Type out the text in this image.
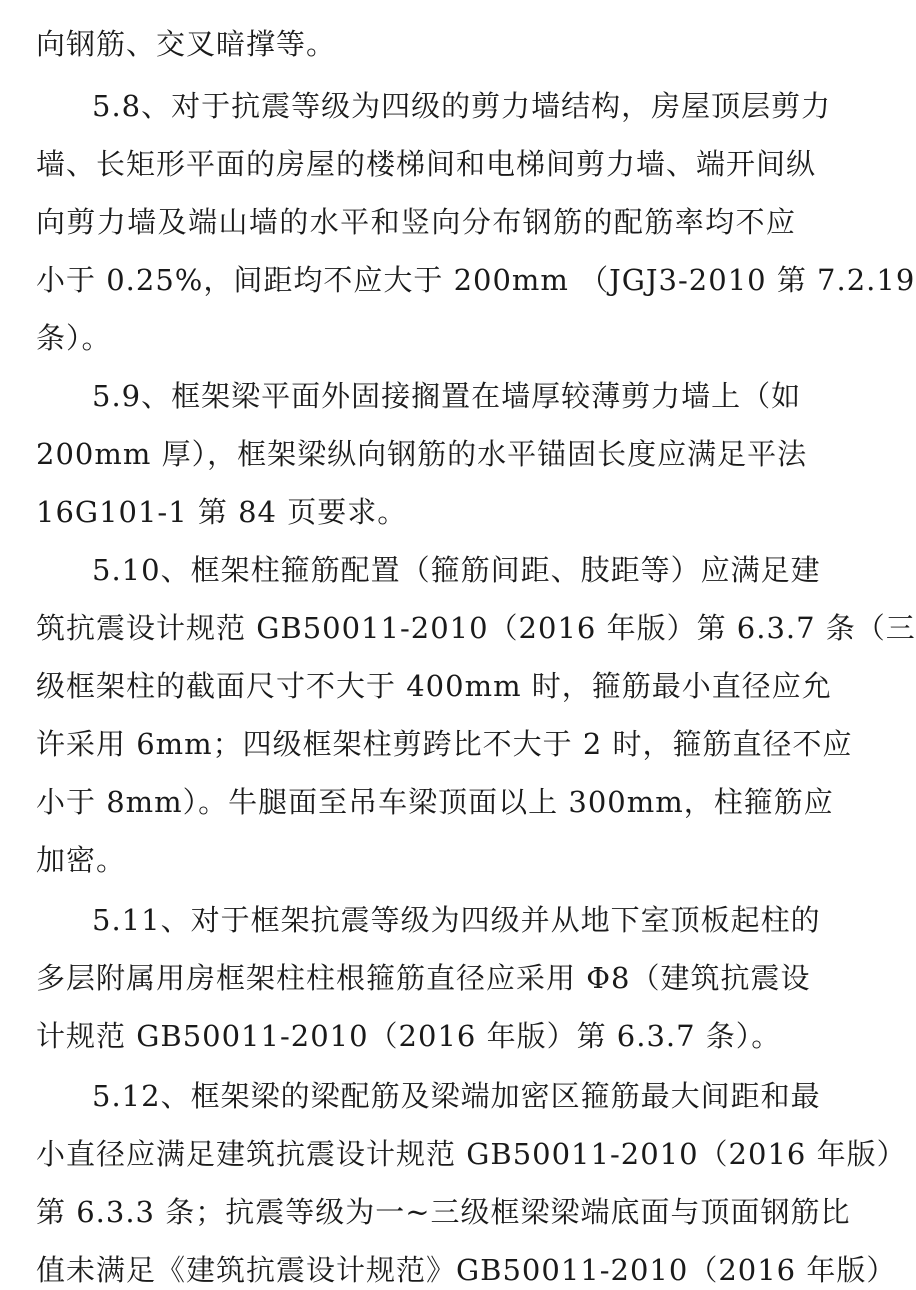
向钢筋、交叉暗撑等。
5.8、对于抗震等级为四级的剪力墙结构，房屋顶层剪力
墙、长矩形平面的房屋的楼梯间和电梯间剪力墙、端开间纵
向剪力墙及端山墙的水平和竖向分布钢筋的配筋率均不应
小于 0.25%，间距均不应大于 200mm （JGJ3-2010 第 7.2.19
条）。
5.9、框架梁平面外固接搁置在墙厚较薄剪力墙上（如
200mm 厚），框架梁纵向钢筋的水平锚固长度应满足平法
16G101-1 第 84 页要求。
5.10、框架柱箍筋配置（箍筋间距、肢距等）应满足建
筑抗震设计规范 GB50011-2010（2016 年版）第 6.3.7 条（三
级框架柱的截面尺寸不大于 400mm 时，箍筋最小直径应允
许采用 6mm；四级框架柱剪跨比不大于 2 时，箍筋直径不应
小于 8mm）。牛腿面至吊车梁顶面以上 300mm，柱箍筋应
加密。
5.11、对于框架抗震等级为四级并从地下室顶板起柱的
多层附属用房框架柱柱根箍筋直径应采用 Φ8（建筑抗震设
计规范 GB50011-2010（2016 年版）第 6.3.7 条）。
5.12、框架梁的梁配筋及梁端加密区箍筋最大间距和最
小直径应满足建筑抗震设计规范 GB50011-2010（2016 年版）
第 6.3.3 条；抗震等级为一~三级框梁梁端底面与顶面钢筋比
值未满足《建筑抗震设计规范》GB50011-2010（2016 年版）
